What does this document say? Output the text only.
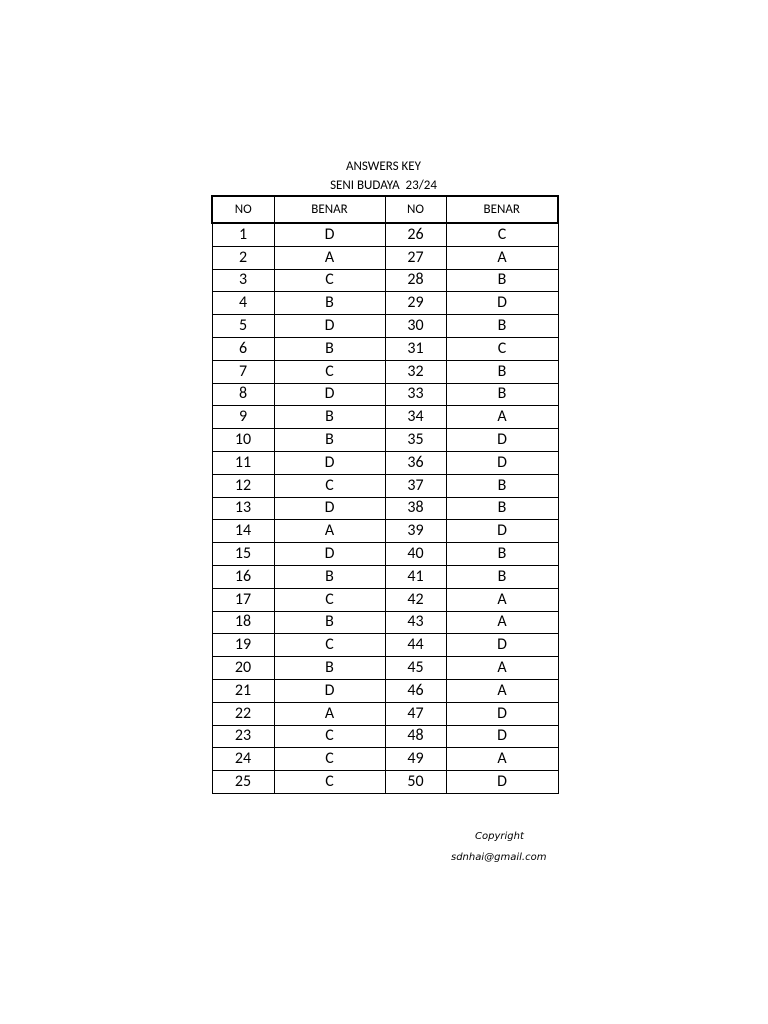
ANSWERS KEY
SENI BUDAYA  23/24
NO	BENAR	NO	BENAR
1	D	26	C
2	A	27	A
3	C	28	B
4	B	29	D
5	D	30	B
6	B	31	C
7	C	32	B
8	D	33	B
9	B	34	A
10	B	35	D
11	D	36	D
12	C	37	B
13	D	38	B
14	A	39	D
15	D	40	B
16	B	41	B
17	C	42	A
18	B	43	A
19	C	44	D
20	B	45	A
21	D	46	A
22	A	47	D
23	C	48	D
24	C	49	A
25	C	50	D
Copyright
sdnhai@gmail.com
